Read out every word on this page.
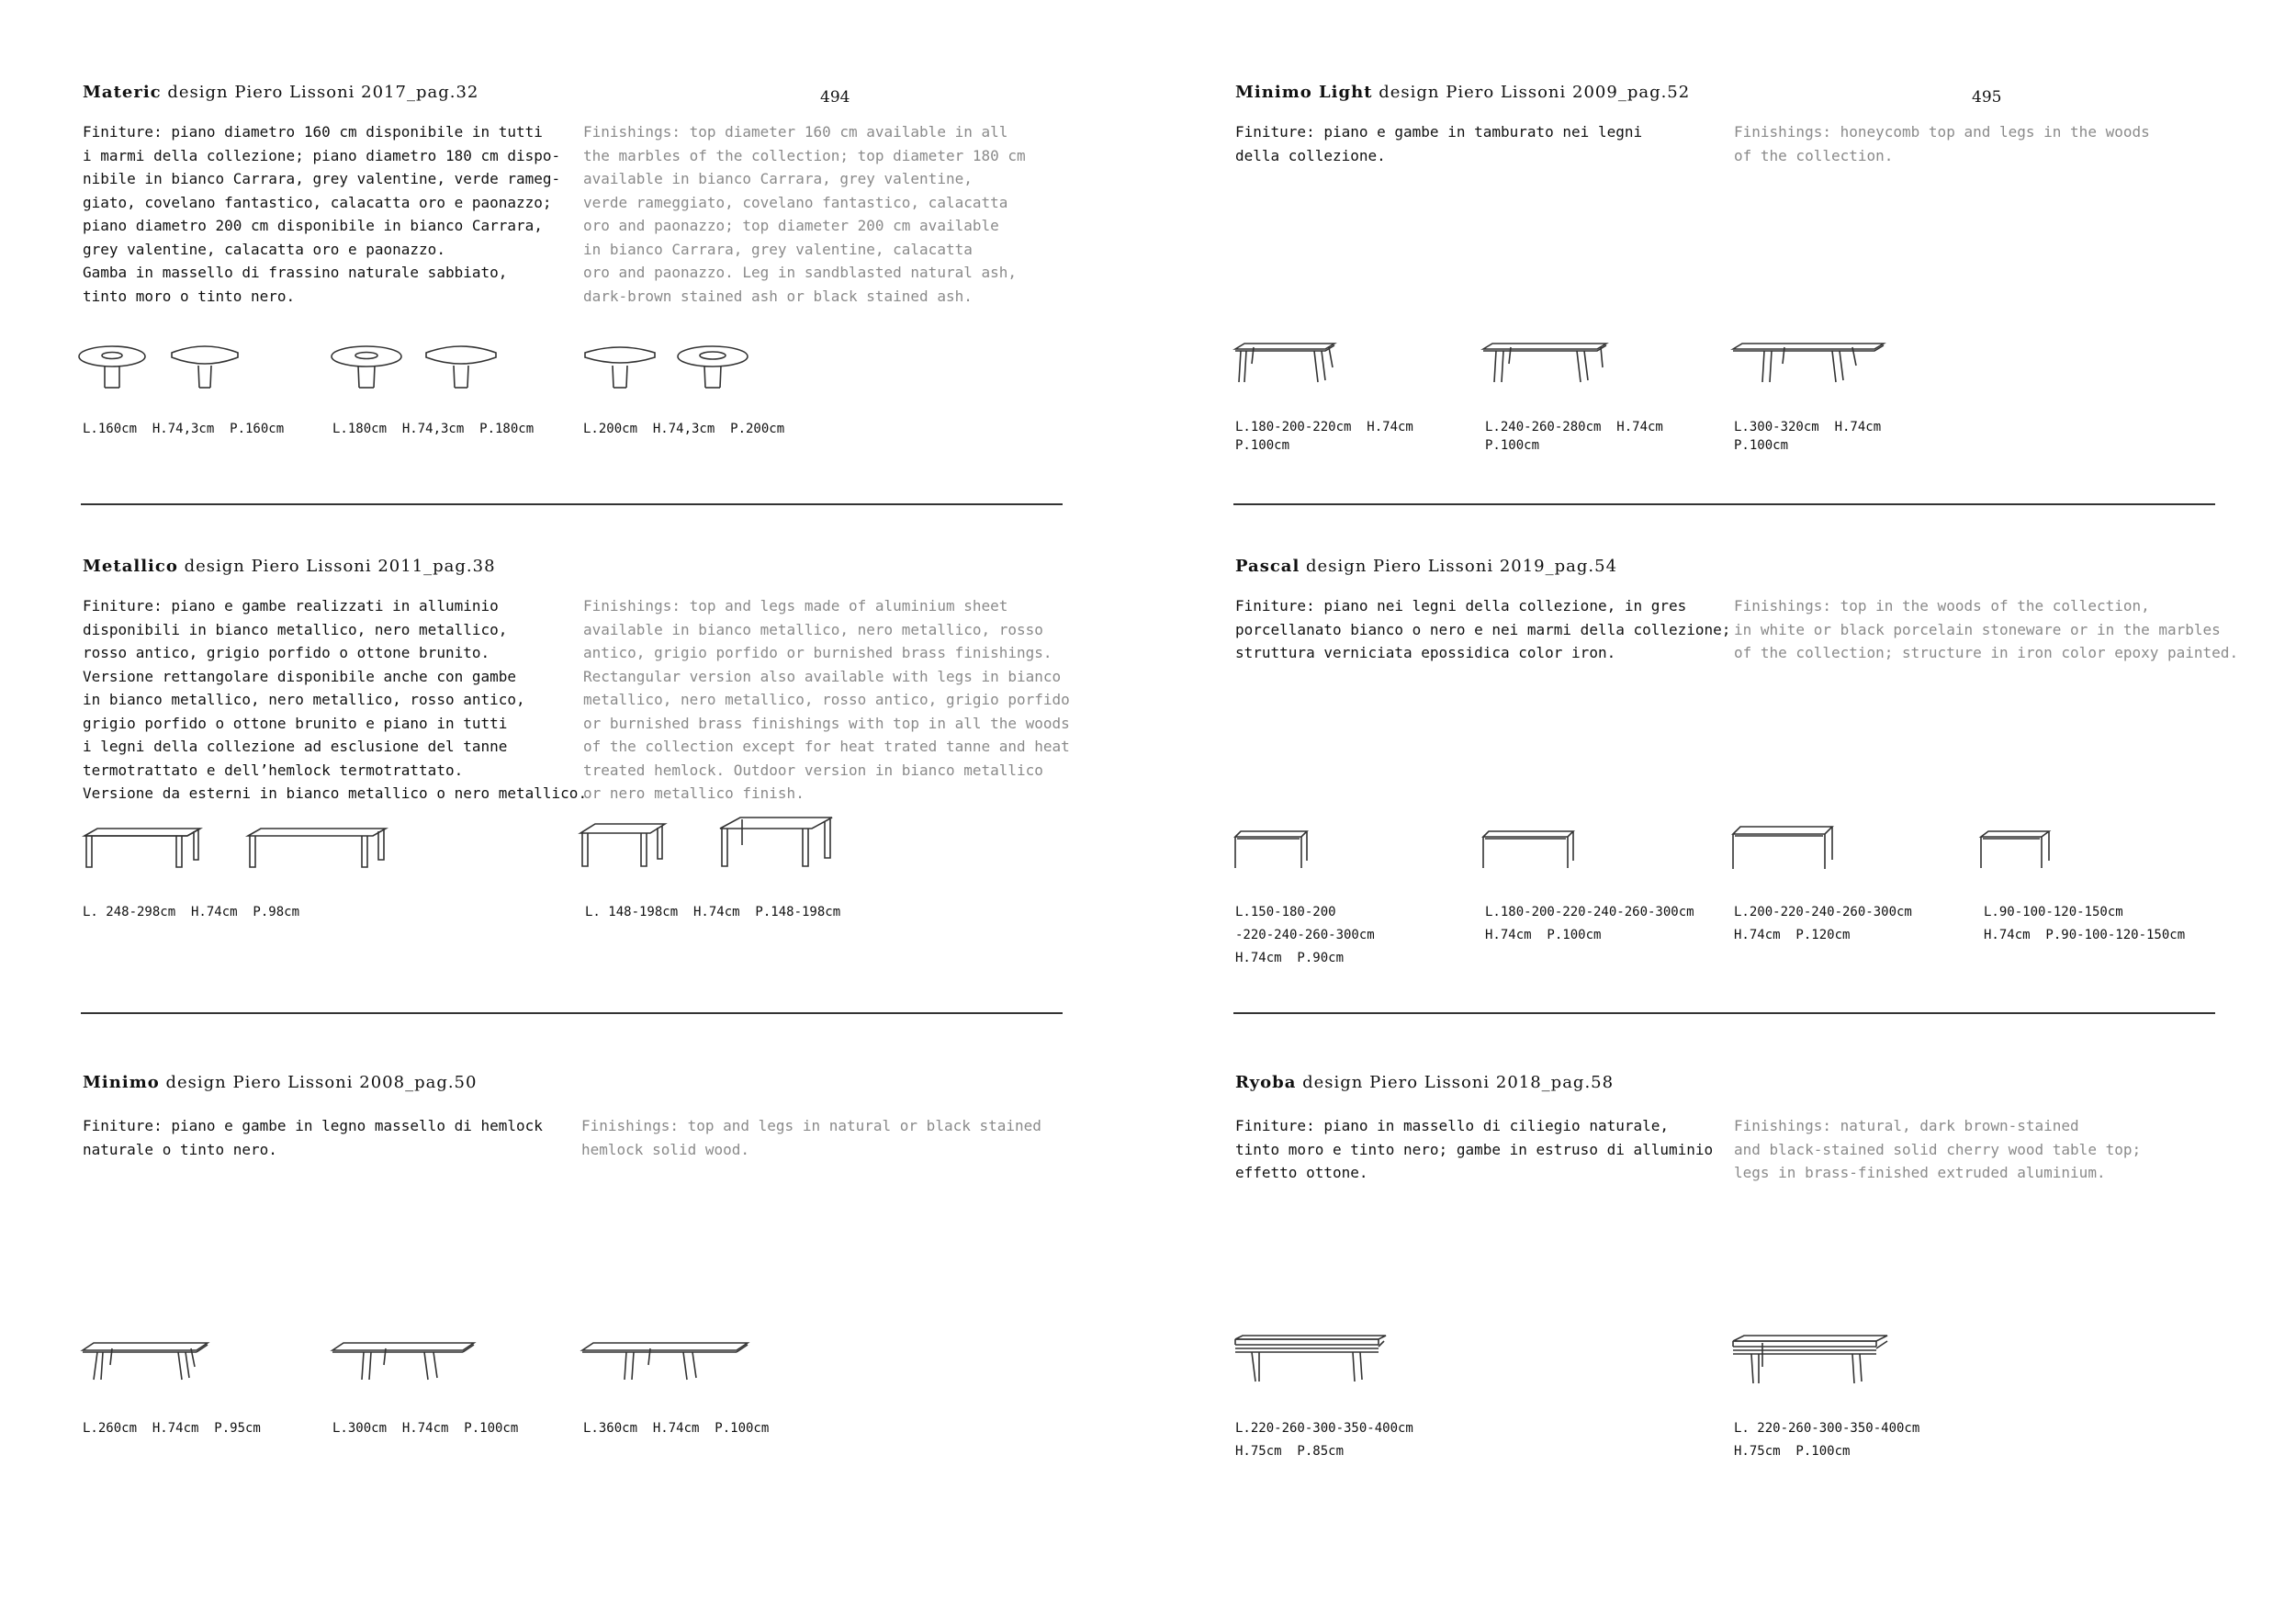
494	495
Materic design Piero Lissoni 2017_pag.32
Finiture: piano diametro 160 cm disponibile in tutti
i marmi della collezione; piano diametro 180 cm dispo-
nibile in bianco Carrara, grey valentine, verde rameg-
giato, covelano fantastico, calacatta oro e paonazzo;
piano diametro 200 cm disponibile in bianco Carrara,
grey valentine, calacatta oro e paonazzo.
Gamba in massello di frassino naturale sabbiato,
tinto moro o tinto nero.
Finishings: top diameter 160 cm available in all
the marbles of the collection; top diameter 180 cm
available in bianco Carrara, grey valentine,
verde rameggiato, covelano fantastico, calacatta
oro and paonazzo; top diameter 200 cm available
in bianco Carrara, grey valentine, calacatta
oro and paonazzo. Leg in sandblasted natural ash,
dark-brown stained ash or black stained ash.
L.160cm  H.74,3cm  P.160cm	L.180cm  H.74,3cm  P.180cm	L.200cm  H.74,3cm  P.200cm
Metallico design Piero Lissoni 2011_pag.38
Finiture: piano e gambe realizzati in alluminio
disponibili in bianco metallico, nero metallico,
rosso antico, grigio porfido o ottone brunito.
Versione rettangolare disponibile anche con gambe
in bianco metallico, nero metallico, rosso antico,
grigio porfido o ottone brunito e piano in tutti
i legni della collezione ad esclusione del tanne
termotrattato e dell’hemlock termotrattato.
Versione da esterni in bianco metallico o nero metallico.
Finishings: top and legs made of aluminium sheet
available in bianco metallico, nero metallico, rosso
antico, grigio porfido or burnished brass finishings.
Rectangular version also available with legs in bianco
metallico, nero metallico, rosso antico, grigio porfido
or burnished brass finishings with top in all the woods
of the collection except for heat trated tanne and heat
treated hemlock. Outdoor version in bianco metallico
or nero metallico finish.
L. 248-298cm  H.74cm  P.98cm	L. 148-198cm  H.74cm  P.148-198cm
Minimo design Piero Lissoni 2008_pag.50
Finiture: piano e gambe in legno massello di hemlock
naturale o tinto nero.
Finishings: top and legs in natural or black stained
hemlock solid wood.
L.260cm  H.74cm  P.95cm	L.300cm  H.74cm  P.100cm	L.360cm  H.74cm  P.100cm
Minimo Light design Piero Lissoni 2009_pag.52
Finiture: piano e gambe in tamburato nei legni
della collezione.
Finishings: honeycomb top and legs in the woods
of the collection.
L.180-200-220cm  H.74cm
P.100cm
L.240-260-280cm  H.74cm
P.100cm
L.300-320cm  H.74cm
P.100cm
Pascal design Piero Lissoni 2019_pag.54
Finiture: piano nei legni della collezione, in gres
porcellanato bianco o nero e nei marmi della collezione;
struttura verniciata epossidica color iron.
Finishings: top in the woods of the collection,
in white or black porcelain stoneware or in the marbles
of the collection; structure in iron color epoxy painted.
L.150-180-200
-220-240-260-300cm
H.74cm  P.90cm
L.180-200-220-240-260-300cm
H.74cm  P.100cm
L.200-220-240-260-300cm
H.74cm  P.120cm
L.90-100-120-150cm
H.74cm  P.90-100-120-150cm
Ryoba design Piero Lissoni 2018_pag.58
Finiture: piano in massello di ciliegio naturale,
tinto moro e tinto nero; gambe in estruso di alluminio
effetto ottone.
Finishings: natural, dark brown-stained
and black-stained solid cherry wood table top;
legs in brass-finished extruded aluminium.
L.220-260-300-350-400cm
H.75cm  P.85cm
L. 220-260-300-350-400cm
H.75cm  P.100cm
